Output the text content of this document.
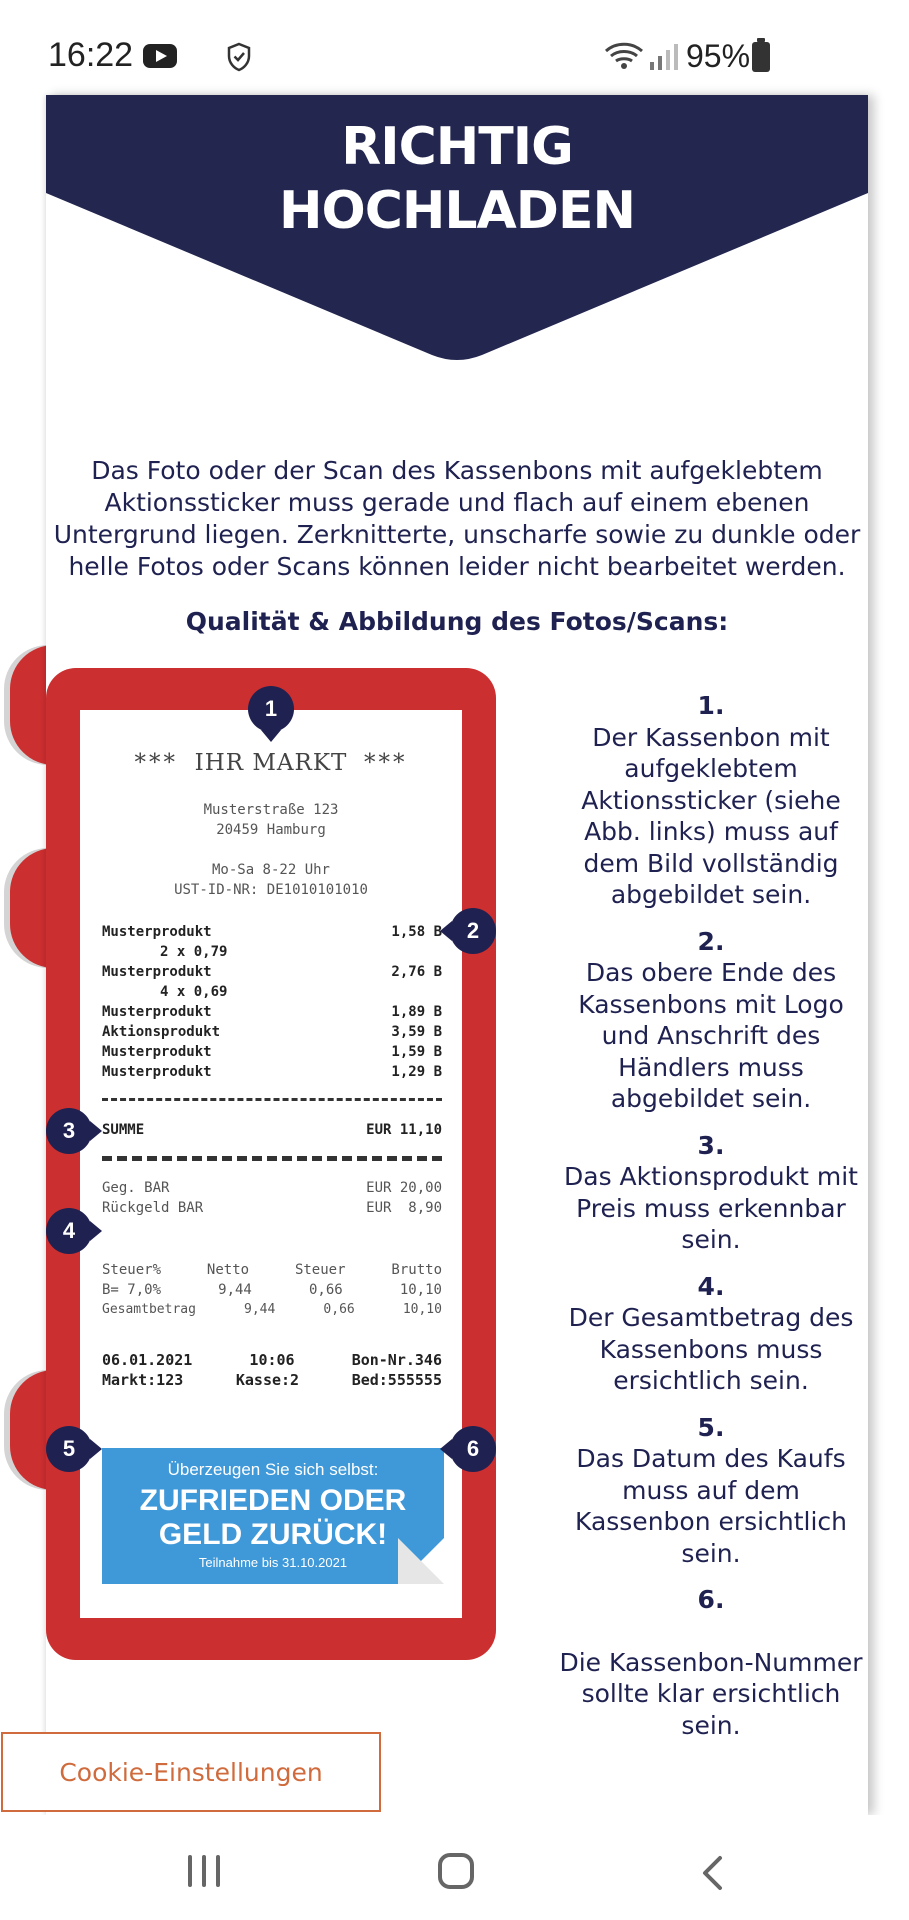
16:22	95%
RICHTIG
HOCHLADEN

Das Foto oder der Scan des Kassenbons mit aufgeklebtem Aktionssticker muss gerade und flach auf einem ebenen Untergrund liegen. Zerknitterte, unscharfe sowie zu dunkle oder helle Fotos oder Scans können leider nicht bearbeitet werden.

Qualität & Abbildung des Fotos/Scans:
*** IHR MARKT ***
Musterstraße 123
20459 Hamburg
Mo-Sa 8-22 Uhr
UST-ID-NR: DE1010101010
Musterprodukt	1,58 B
2 x 0,79
Musterprodukt	2,76 B
4 x 0,69
Musterprodukt	1,89 B
Aktionsprodukt	3,59 B
Musterprodukt	1,59 B
Musterprodukt	1,29 B
SUMME	EUR 11,10
Geg. BAR	EUR 20,00
Rückgeld BAR	EUR  8,90
Steuer%	Netto	Steuer	Brutto
B= 7,0%	9,44	0,66	10,10
Gesamtbetrag	9,44	0,66	10,10
06.01.2021	10:06	Bon-Nr.346
Markt:123	Kasse:2	Bed:555555
Überzeugen Sie sich selbst:
ZUFRIEDEN ODER
GELD ZURÜCK!
Teilnahme bis 31.10.2021
1
2
3
4
5	6
1.
Der Kassenbon mit aufgeklebtem Aktionssticker (siehe Abb. links) muss auf dem Bild vollständig abgebildet sein.
2.
Das obere Ende des Kassenbons mit Logo und Anschrift des Händlers muss abgebildet sein.
3.
Das Aktionsprodukt mit Preis muss erkennbar sein.
4.
Der Gesamtbetrag des Kassenbons muss ersichtlich sein.
5.
Das Datum des Kaufs muss auf dem Kassenbon ersichtlich sein.
6.
Die Kassenbon-Nummer sollte klar ersichtlich sein.
Cookie-Einstellungen
